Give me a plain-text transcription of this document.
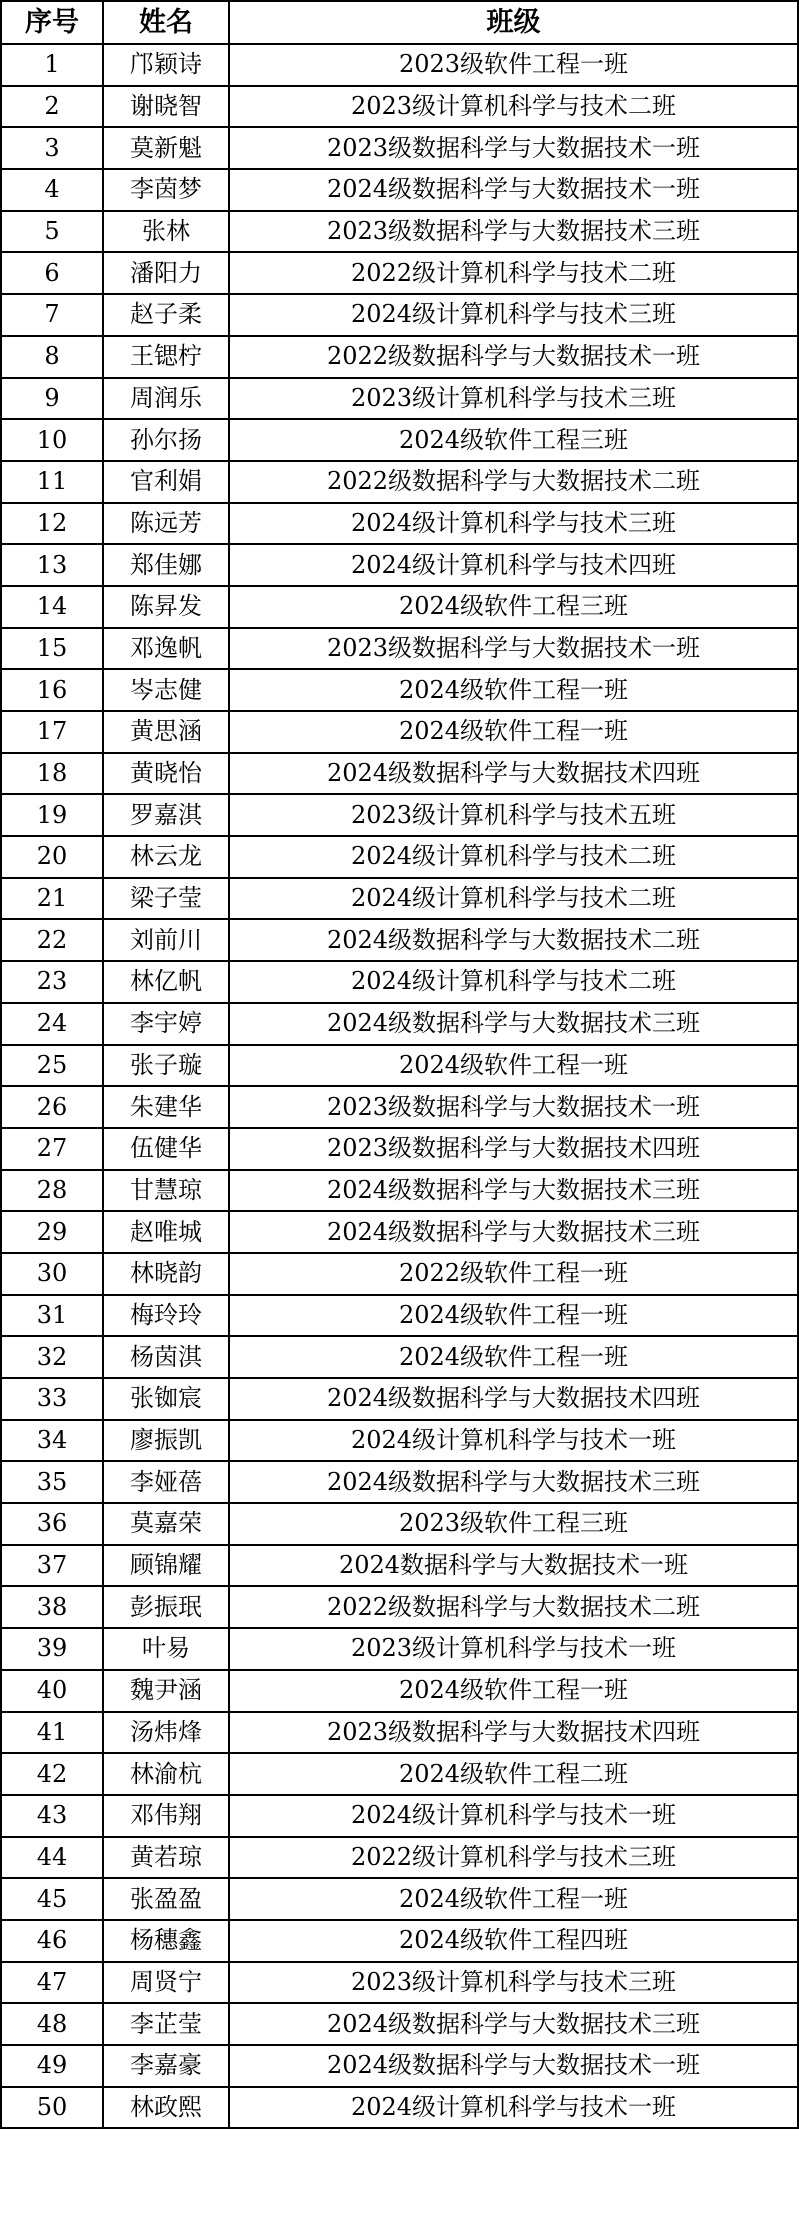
序号	姓名	班级
1	邝颖诗	2023级软件工程一班
2	谢晓智	2023级计算机科学与技术二班
3	莫新魁	2023级数据科学与大数据技术一班
4	李茵梦	2024级数据科学与大数据技术一班
5	张林	2023级数据科学与大数据技术三班
6	潘阳力	2022级计算机科学与技术二班
7	赵子柔	2024级计算机科学与技术三班
8	王锶柠	2022级数据科学与大数据技术一班
9	周润乐	2023级计算机科学与技术三班
10	孙尔扬	2024级软件工程三班
11	官利娟	2022级数据科学与大数据技术二班
12	陈远芳	2024级计算机科学与技术三班
13	郑佳娜	2024级计算机科学与技术四班
14	陈昇发	2024级软件工程三班
15	邓逸帆	2023级数据科学与大数据技术一班
16	岑志健	2024级软件工程一班
17	黄思涵	2024级软件工程一班
18	黄晓怡	2024级数据科学与大数据技术四班
19	罗嘉淇	2023级计算机科学与技术五班
20	林云龙	2024级计算机科学与技术二班
21	梁子莹	2024级计算机科学与技术二班
22	刘前川	2024级数据科学与大数据技术二班
23	林亿帆	2024级计算机科学与技术二班
24	李宇婷	2024级数据科学与大数据技术三班
25	张子璇	2024级软件工程一班
26	朱建华	2023级数据科学与大数据技术一班
27	伍健华	2023级数据科学与大数据技术四班
28	甘慧琼	2024级数据科学与大数据技术三班
29	赵唯城	2024级数据科学与大数据技术三班
30	林晓韵	2022级软件工程一班
31	梅玲玲	2024级软件工程一班
32	杨茵淇	2024级软件工程一班
33	张铷宸	2024级数据科学与大数据技术四班
34	廖振凯	2024级计算机科学与技术一班
35	李娅蓓	2024级数据科学与大数据技术三班
36	莫嘉荣	2023级软件工程三班
37	顾锦耀	2024数据科学与大数据技术一班
38	彭振珉	2022级数据科学与大数据技术二班
39	叶易	2023级计算机科学与技术一班
40	魏尹涵	2024级软件工程一班
41	汤炜烽	2023级数据科学与大数据技术四班
42	林渝杭	2024级软件工程二班
43	邓伟翔	2024级计算机科学与技术一班
44	黄若琼	2022级计算机科学与技术三班
45	张盈盈	2024级软件工程一班
46	杨穗鑫	2024级软件工程四班
47	周贤宁	2023级计算机科学与技术三班
48	李芷莹	2024级数据科学与大数据技术三班
49	李嘉豪	2024级数据科学与大数据技术一班
50	林政熙	2024级计算机科学与技术一班
